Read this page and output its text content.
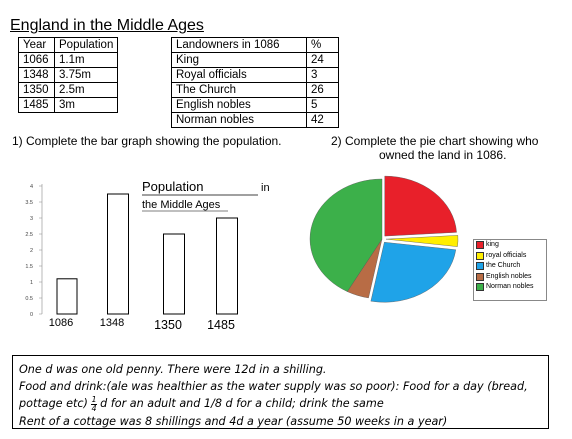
England in the Middle Ages
Year	Population
1066	1.1m
1348	3.75m
1350	2.5m
1485	3m
Landowners in 1086	%
King	24
Royal officials	3
The Church	26
English nobles	5
Norman nobles	42
1) Complete the bar graph showing the population.	2) Complete the pie chart showing who
owned the land in 1086.
0
0.5
1
1.5
2
2.5
3
3.5
4
1086 1348 1350 1485
Population	in
the Middle Ages
king
royal officials
the Church
English nobles
Norman nobles
One d was one old penny. There were 12d in a shilling.
Food and drink:(ale was healthier as the water supply was so poor): Food for a day (bread,
pottage $etc) \frac{1}{4}$ d for an adult and 1/8 d for a child; drink the same
Rent of a cottage was 8 shillings and 4d a year (assume 50 weeks in a year)
